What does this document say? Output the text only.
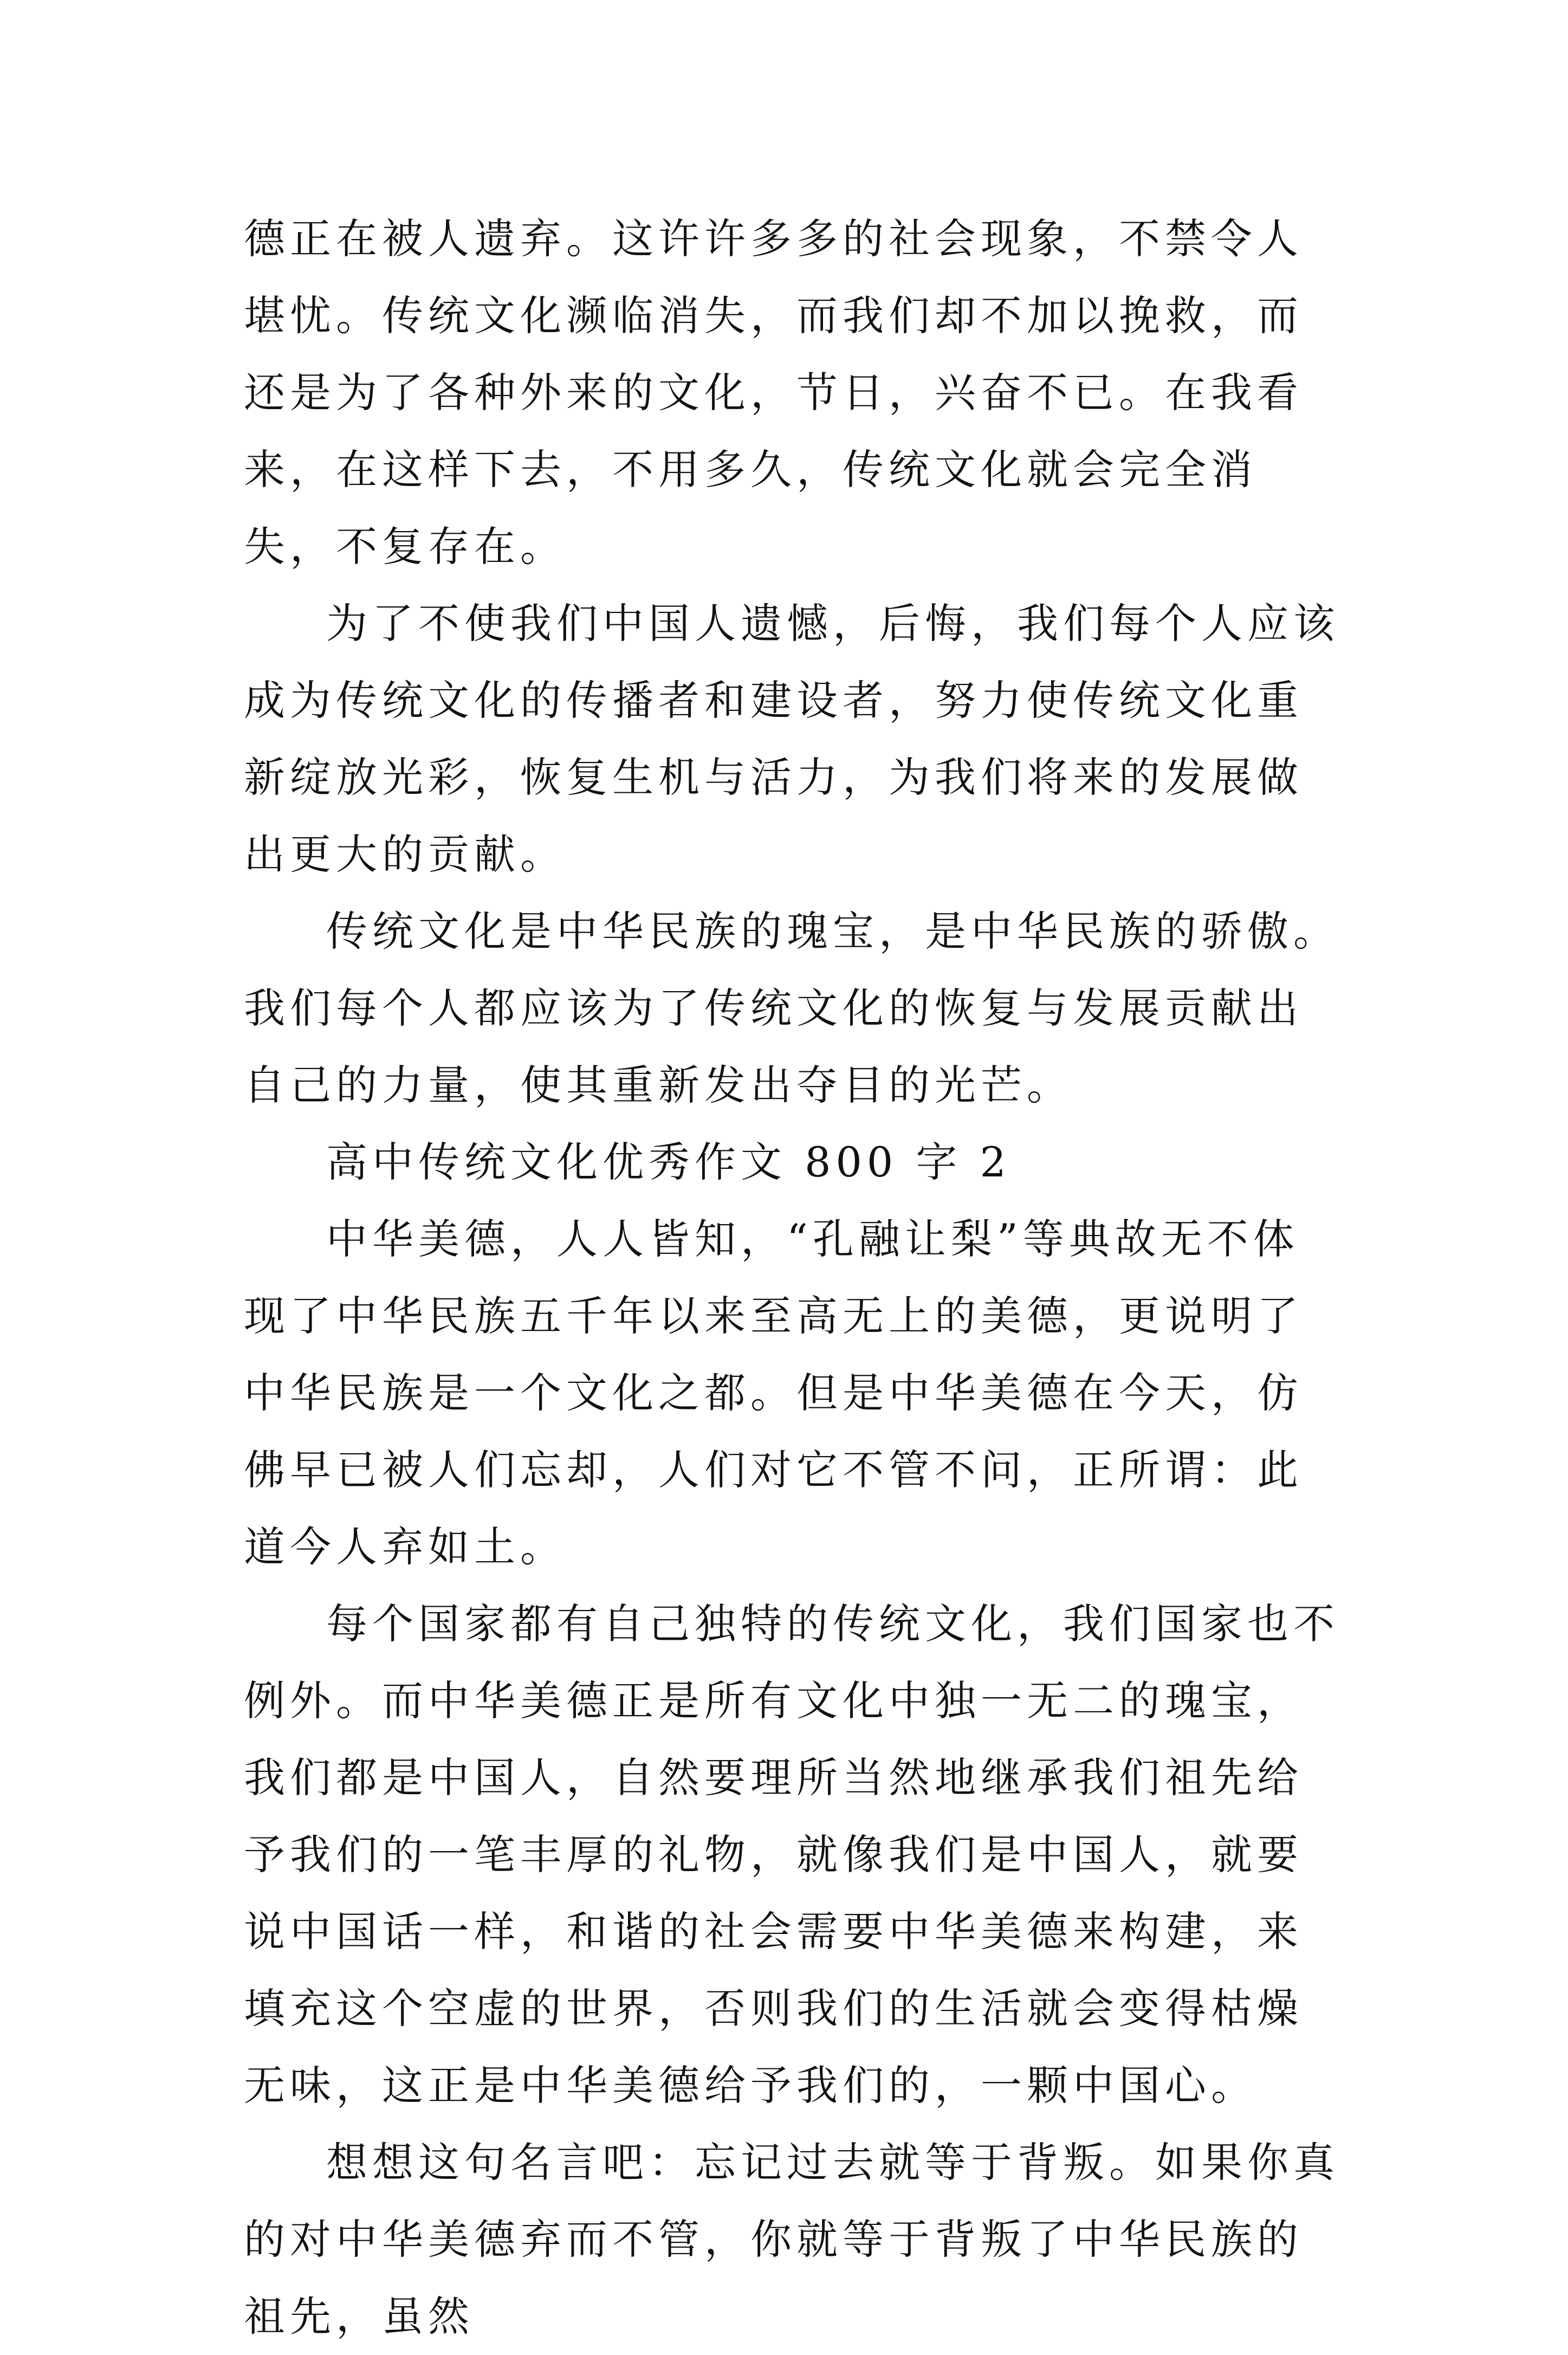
德正在被人遗弃。这许许多多的社会现象，不禁令人堪忧。传统文化濒临消失，而我们却不加以挽救，而还是为了各种外来的文化，节日，兴奋不已。在我看来，在这样下去，不用多久，传统文化就会完全消失，不复存在。

为了不使我们中国人遗憾，后悔，我们每个人应该成为传统文化的传播者和建设者，努力使传统文化重新绽放光彩，恢复生机与活力，为我们将来的发展做出更大的贡献。

传统文化是中华民族的瑰宝，是中华民族的骄傲。我们每个人都应该为了传统文化的恢复与发展贡献出自己的力量，使其重新发出夺目的光芒。

高中传统文化优秀作文 800 字 2

中华美德，人人皆知，“孔融让梨”等典故无不体现了中华民族五千年以来至高无上的美德，更说明了中华民族是一个文化之都。但是中华美德在今天，仿佛早已被人们忘却，人们对它不管不问，正所谓：此道今人弃如土。

每个国家都有自己独特的传统文化，我们国家也不例外。而中华美德正是所有文化中独一无二的瑰宝，我们都是中国人，自然要理所当然地继承我们祖先给予我们的一笔丰厚的礼物，就像我们是中国人，就要说中国话一样，和谐的社会需要中华美德来构建，来填充这个空虚的世界，否则我们的生活就会变得枯燥无味，这正是中华美德给予我们的，一颗中国心。

想想这句名言吧：忘记过去就等于背叛。如果你真的对中华美德弃而不管，你就等于背叛了中华民族的祖先，虽然
